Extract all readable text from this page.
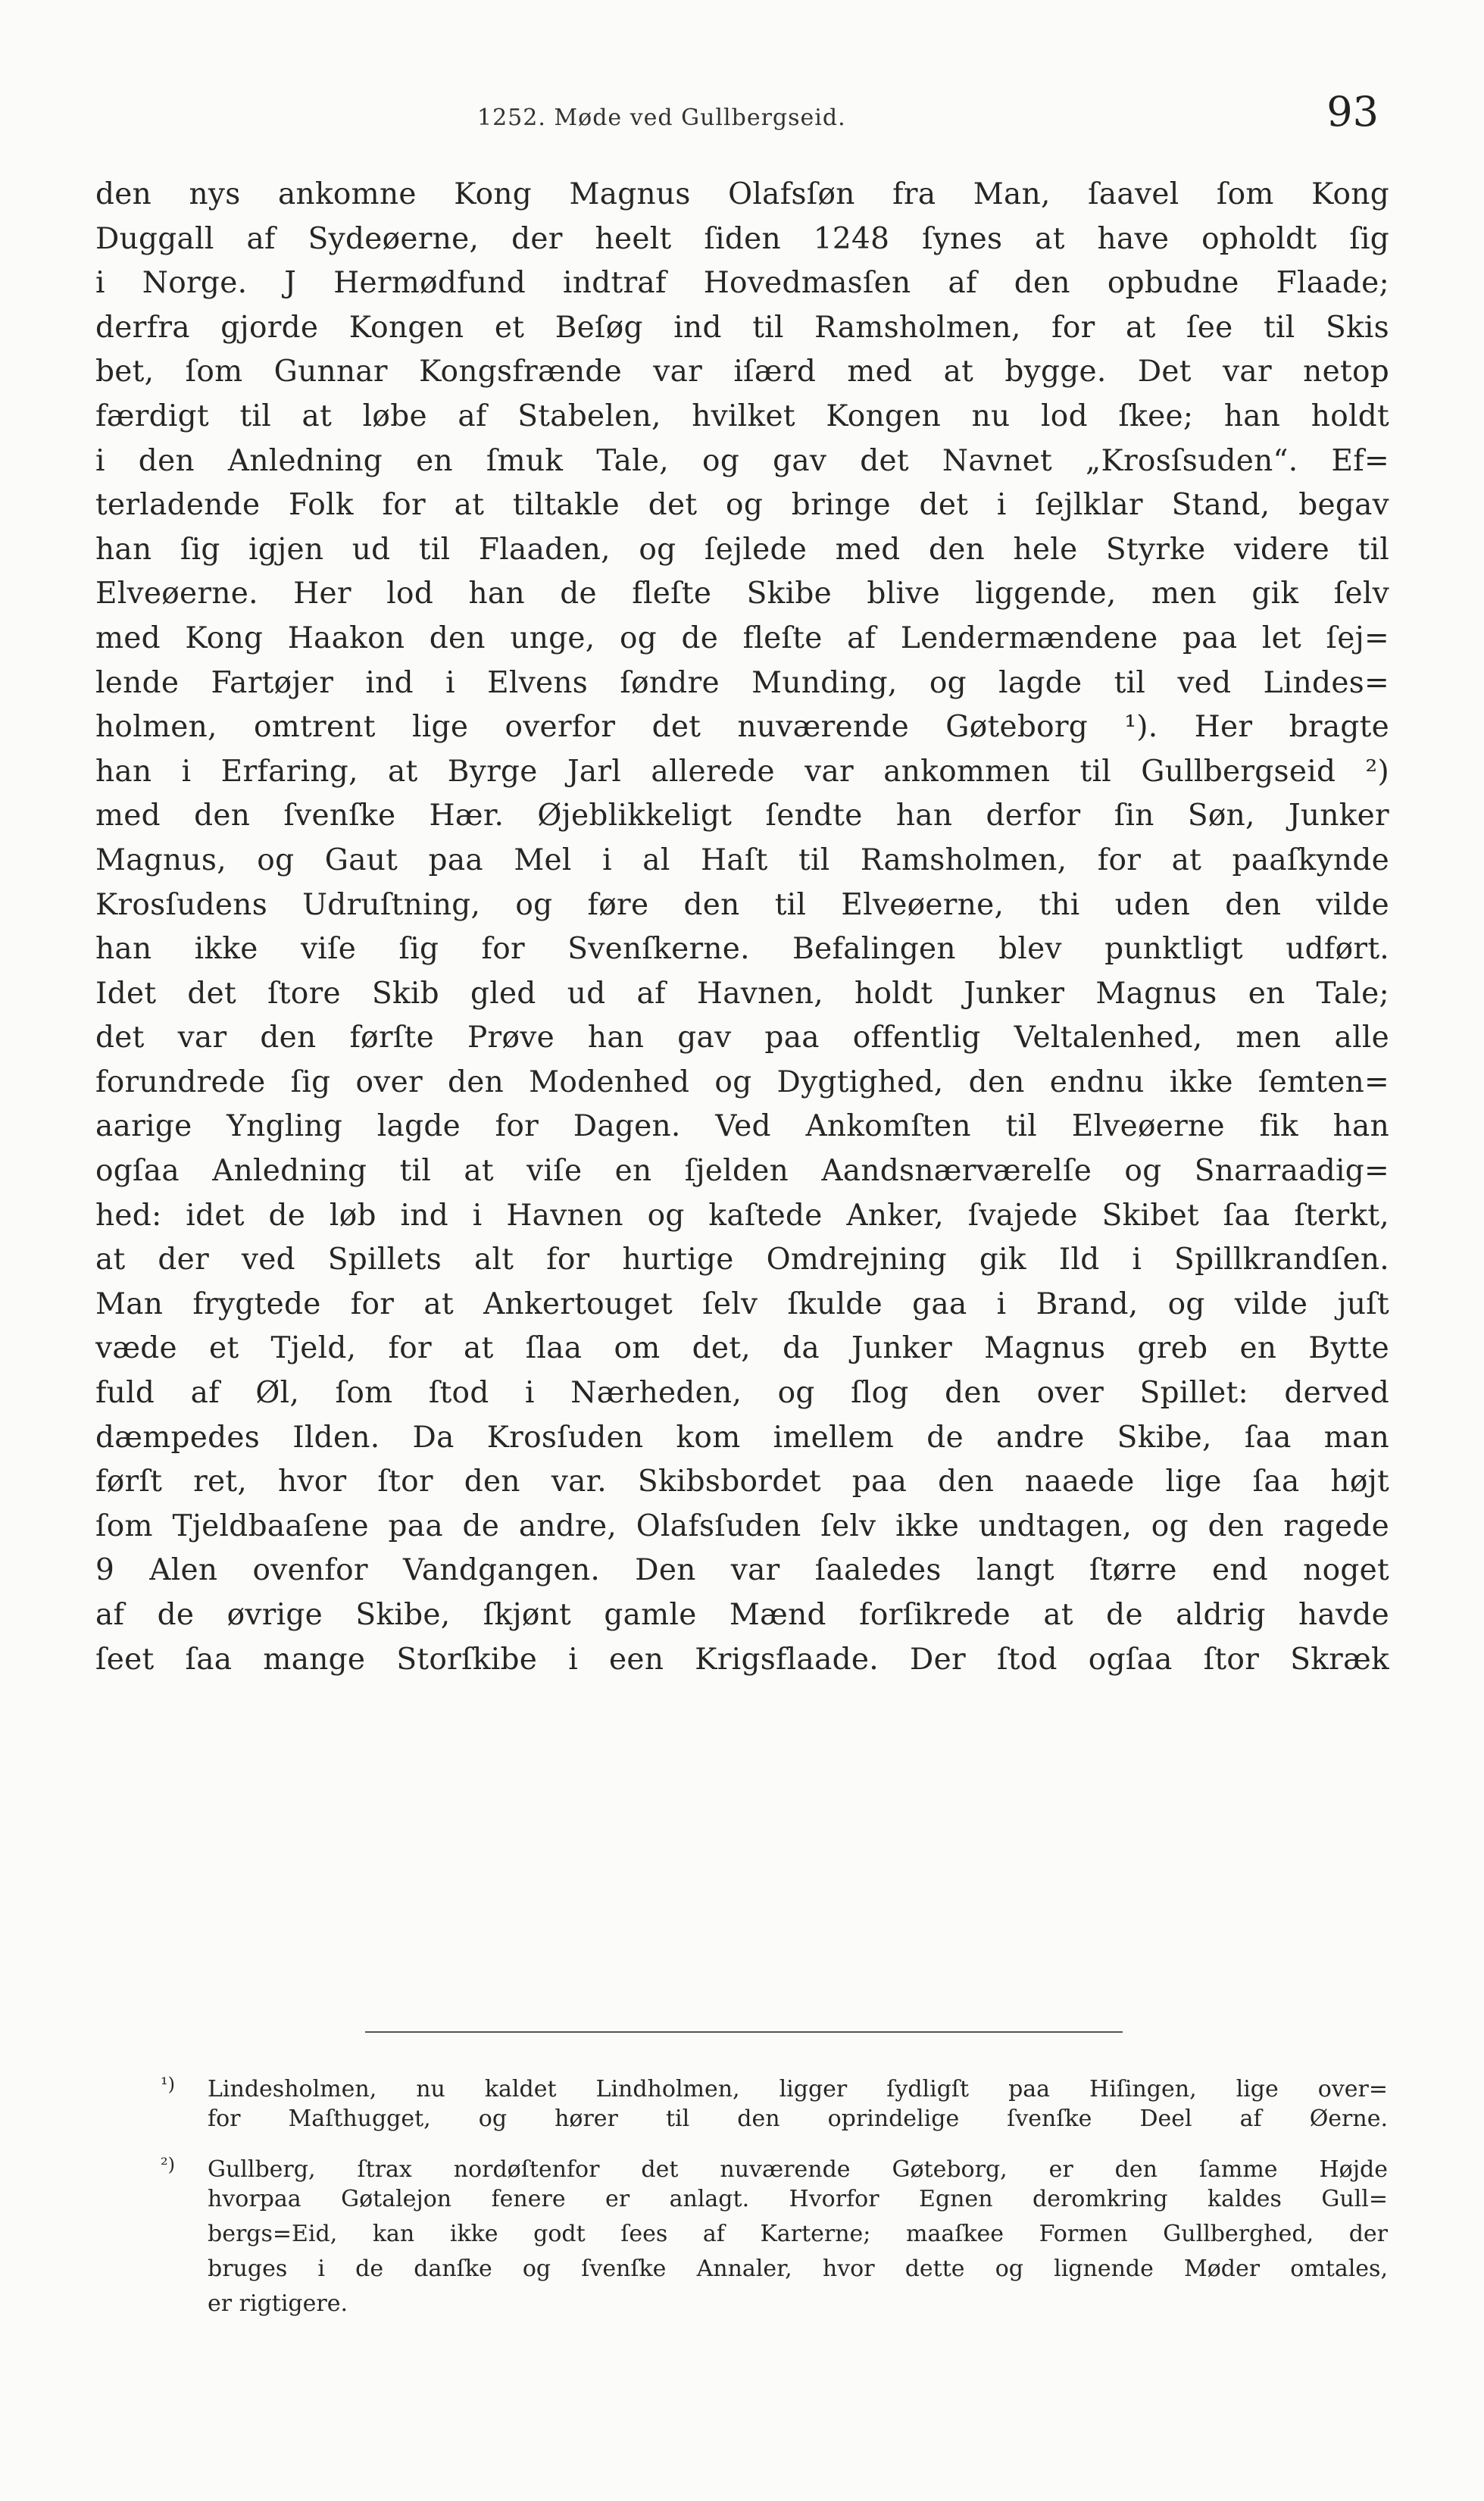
1252. Møde ved Gullbergseid.	93
den nys ankomne Kong Magnus Olafsſøn fra Man, ſaavel ſom Kong
Duggall af Sydeøerne, der heelt ſiden 1248 ſynes at have opholdt ſig
i Norge. J Hermødfund indtraf Hovedmasſen af den opbudne Flaade;
derfra gjorde Kongen et Beſøg ind til Ramsholmen, for at ſee til Skis
bet, ſom Gunnar Kongsfrænde var iſærd med at bygge. Det var netop
færdigt til at løbe af Stabelen, hvilket Kongen nu lod ſkee; han holdt
i den Anledning en ſmuk Tale, og gav det Navnet „Krosſsuden“. Ef=
terladende Folk for at tiltakle det og bringe det i ſejlklar Stand, begav
han ſig igjen ud til Flaaden, og ſejlede med den hele Styrke videre til
Elveøerne. Her lod han de fleſte Skibe blive liggende, men gik ſelv
med Kong Haakon den unge, og de fleſte af Lendermændene paa let ſej=
lende Fartøjer ind i Elvens ſøndre Munding, og lagde til ved Lindes=
holmen, omtrent lige overfor det nuværende Gøteborg ¹). Her bragte
han i Erfaring, at Byrge Jarl allerede var ankommen til Gullbergseid ²)
med den ſvenſke Hær. Øjeblikkeligt ſendte han derfor ſin Søn, Junker
Magnus, og Gaut paa Mel i al Haſt til Ramsholmen, for at paaſkynde
Krosſudens Udruſtning, og føre den til Elveøerne, thi uden den vilde
han ikke viſe ſig for Svenſkerne. Befalingen blev punktligt udført.
Idet det ſtore Skib gled ud af Havnen, holdt Junker Magnus en Tale;
det var den førſte Prøve han gav paa offentlig Veltalenhed, men alle
forundrede ſig over den Modenhed og Dygtighed, den endnu ikke ſemten=
aarige Yngling lagde for Dagen. Ved Ankomſten til Elveøerne fik han
ogſaa Anledning til at viſe en ſjelden Aandsnærværelſe og Snarraadig=
hed: idet de løb ind i Havnen og kaſtede Anker, ſvajede Skibet ſaa ſterkt,
at der ved Spillets alt for hurtige Omdrejning gik Ild i Spillkrandſen.
Man frygtede for at Ankertouget ſelv ſkulde gaa i Brand, og vilde juſt
væde et Tjeld, for at ſlaa om det, da Junker Magnus greb en Bytte
fuld af Øl, ſom ſtod i Nærheden, og ſlog den over Spillet: derved
dæmpedes Ilden. Da Krosſuden kom imellem de andre Skibe, ſaa man
førſt ret, hvor ſtor den var. Skibsbordet paa den naaede lige ſaa højt
ſom Tjeldbaaſene paa de andre, Olafsſuden ſelv ikke undtagen, og den ragede
9 Alen ovenfor Vandgangen. Den var ſaaledes langt ſtørre end noget
af de øvrige Skibe, ſkjønt gamle Mænd forſikrede at de aldrig havde
ſeet ſaa mange Storſkibe i een Krigsflaade. Der ſtod ogſaa ſtor Skræk
¹) Lindesholmen, nu kaldet Lindholmen, ligger ſydligſt paa Hiſingen, lige over=
for Maſthugget, og hører til den oprindelige ſvenſke Deel af Øerne.
²) Gullberg, ſtrax nordøſtenfor det nuværende Gøteborg, er den ſamme Højde
hvorpaa Gøtalejon fenere er anlagt. Hvorfor Egnen deromkring kaldes Gull=
bergs=Eid, kan ikke godt ſees af Karterne; maaſkee Formen Gullberghed, der
bruges i de danſke og ſvenſke Annaler, hvor dette og lignende Møder omtales,
er rigtigere.
